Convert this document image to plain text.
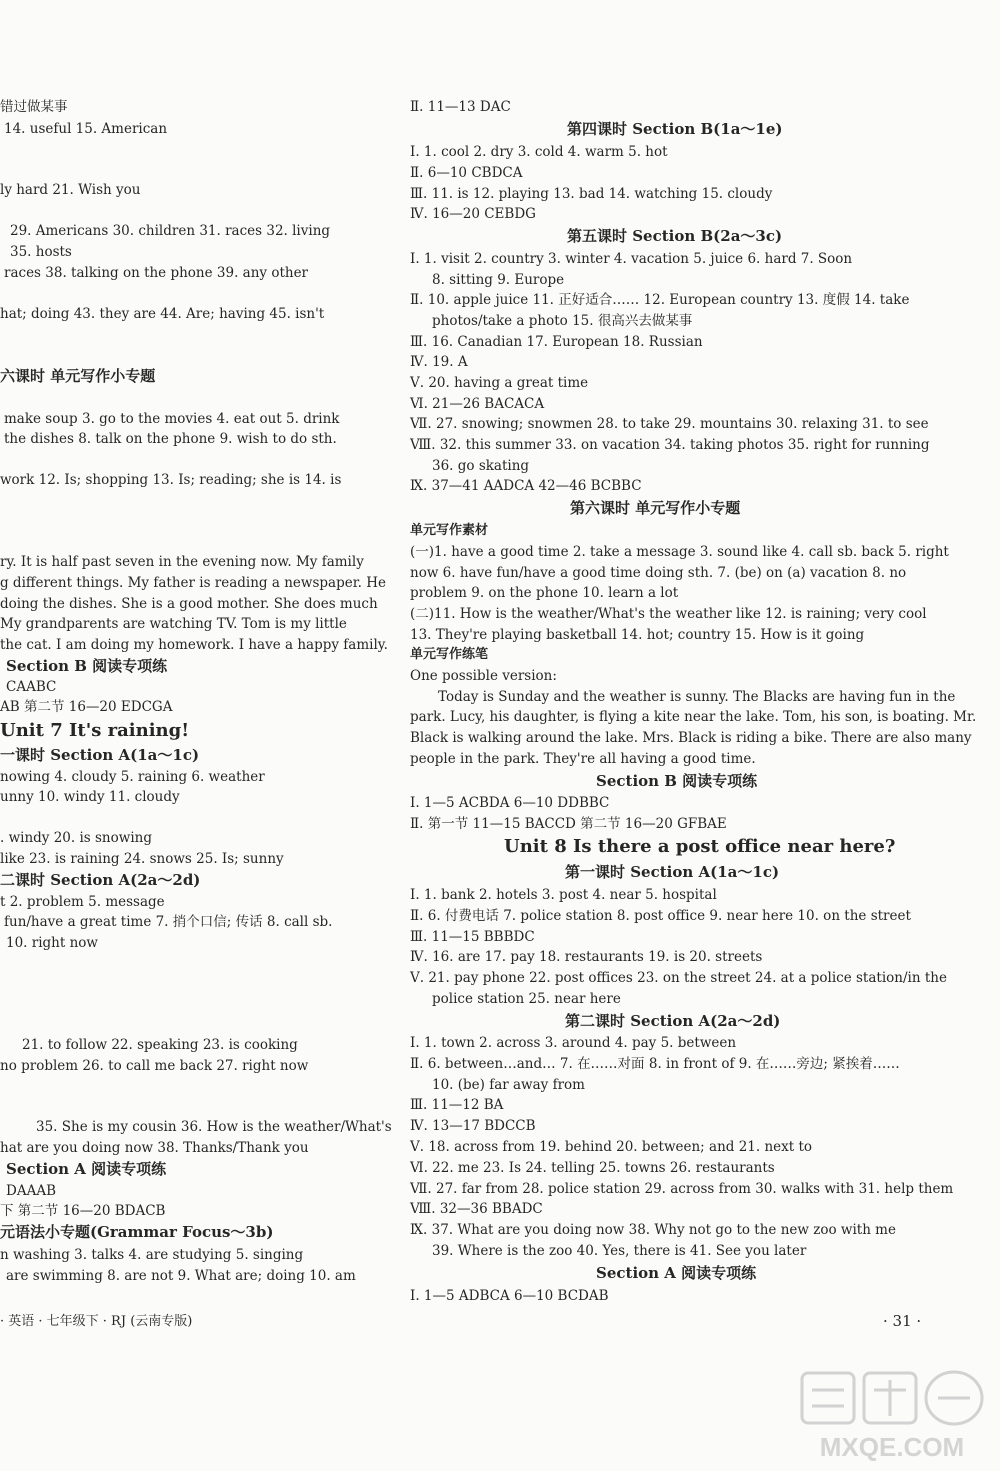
错过做某事
14. useful 15. American
ly hard 21. Wish you
29. Americans 30. children 31. races 32. living
35. hosts
races 38. talking on the phone 39. any other
hat; doing 43. they are 44. Are; having 45. isn't
六课时 单元写作小专题
make soup 3. go to the movies 4. eat out 5. drink
the dishes 8. talk on the phone 9. wish to do sth.
work 12. Is; shopping 13. Is; reading; she is 14. is
ry. It is half past seven in the evening now. My family
g different things. My father is reading a newspaper. He
doing the dishes. She is a good mother. She does much
My grandparents are watching TV. Tom is my little
the cat. I am doing my homework. I have a happy family.
Section B 阅读专项练
CAABC
AB 第二节 16—20 EDCGA
Unit 7 It's raining!
一课时 Section A(1a～1c)
nowing 4. cloudy 5. raining 6. weather
unny 10. windy 11. cloudy
. windy 20. is snowing
like 23. is raining 24. snows 25. Is; sunny
二课时 Section A(2a～2d)
t 2. problem 5. message
fun/have a great time 7. 捎个口信; 传话 8. call sb.
10. right now
21. to follow 22. speaking 23. is cooking
no problem 26. to call me back 27. right now
35. She is my cousin 36. How is the weather/What's
hat are you doing now 38. Thanks/Thank you
Section A 阅读专项练
DAAAB
下 第二节 16—20 BDACB
元语法小专题(Grammar Focus～3b)
n washing 3. talks 4. are studying 5. singing
are swimming 8. are not 9. What are; doing 10. am
Ⅱ. 11—13 DAC
第四课时 Section B(1a～1e)
Ⅰ. 1. cool 2. dry 3. cold 4. warm 5. hot
Ⅱ. 6—10 CBDCA
Ⅲ. 11. is 12. playing 13. bad 14. watching 15. cloudy
Ⅳ. 16—20 CEBDG
第五课时 Section B(2a～3c)
Ⅰ. 1. visit 2. country 3. winter 4. vacation 5. juice 6. hard 7. Soon
8. sitting 9. Europe
Ⅱ. 10. apple juice 11. 正好适合…… 12. European country 13. 度假 14. take
photos/take a photo 15. 很高兴去做某事
Ⅲ. 16. Canadian 17. European 18. Russian
Ⅳ. 19. A
Ⅴ. 20. having a great time
Ⅵ. 21—26 BACACA
Ⅶ. 27. snowing; snowmen 28. to take 29. mountains 30. relaxing 31. to see
Ⅷ. 32. this summer 33. on vacation 34. taking photos 35. right for running
36. go skating
Ⅸ. 37—41 AADCA 42—46 BCBBC
第六课时 单元写作小专题
单元写作素材
(一)1. have a good time 2. take a message 3. sound like 4. call sb. back 5. right
now 6. have fun/have a good time doing sth. 7. (be) on (a) vacation 8. no
problem 9. on the phone 10. learn a lot
(二)11. How is the weather/What's the weather like 12. is raining; very cool
13. They're playing basketball 14. hot; country 15. How is it going
单元写作练笔
One possible version:
Today is Sunday and the weather is sunny. The Blacks are having fun in the
park. Lucy, his daughter, is flying a kite near the lake. Tom, his son, is boating. Mr.
Black is walking around the lake. Mrs. Black is riding a bike. There are also many
people in the park. They're all having a good time.
Section B 阅读专项练
Ⅰ. 1—5 ACBDA 6—10 DDBBC
Ⅱ. 第一节 11—15 BACCD 第二节 16—20 GFBAE
Unit 8 Is there a post office near here?
第一课时 Section A(1a～1c)
Ⅰ. 1. bank 2. hotels 3. post 4. near 5. hospital
Ⅱ. 6. 付费电话 7. police station 8. post office 9. near here 10. on the street
Ⅲ. 11—15 BBBDC
Ⅳ. 16. are 17. pay 18. restaurants 19. is 20. streets
Ⅴ. 21. pay phone 22. post offices 23. on the street 24. at a police station/in the
police station 25. near here
第二课时 Section A(2a～2d)
Ⅰ. 1. town 2. across 3. around 4. pay 5. between
Ⅱ. 6. between…and… 7. 在……对面 8. in front of 9. 在……旁边; 紧挨着……
10. (be) far away from
Ⅲ. 11—12 BA
Ⅳ. 13—17 BDCCB
Ⅴ. 18. across from 19. behind 20. between; and 21. next to
Ⅵ. 22. me 23. Is 24. telling 25. towns 26. restaurants
Ⅶ. 27. far from 28. police station 29. across from 30. walks with 31. help them
Ⅷ. 32—36 BBADC
Ⅸ. 37. What are you doing now 38. Why not go to the new zoo with me
39. Where is the zoo 40. Yes, there is 41. See you later
Section A 阅读专项练
Ⅰ. 1—5 ADBCA 6—10 BCDAB
· 英语 · 七年级下 · RJ (云南专版)	· 31 ·
MXQE.COM
